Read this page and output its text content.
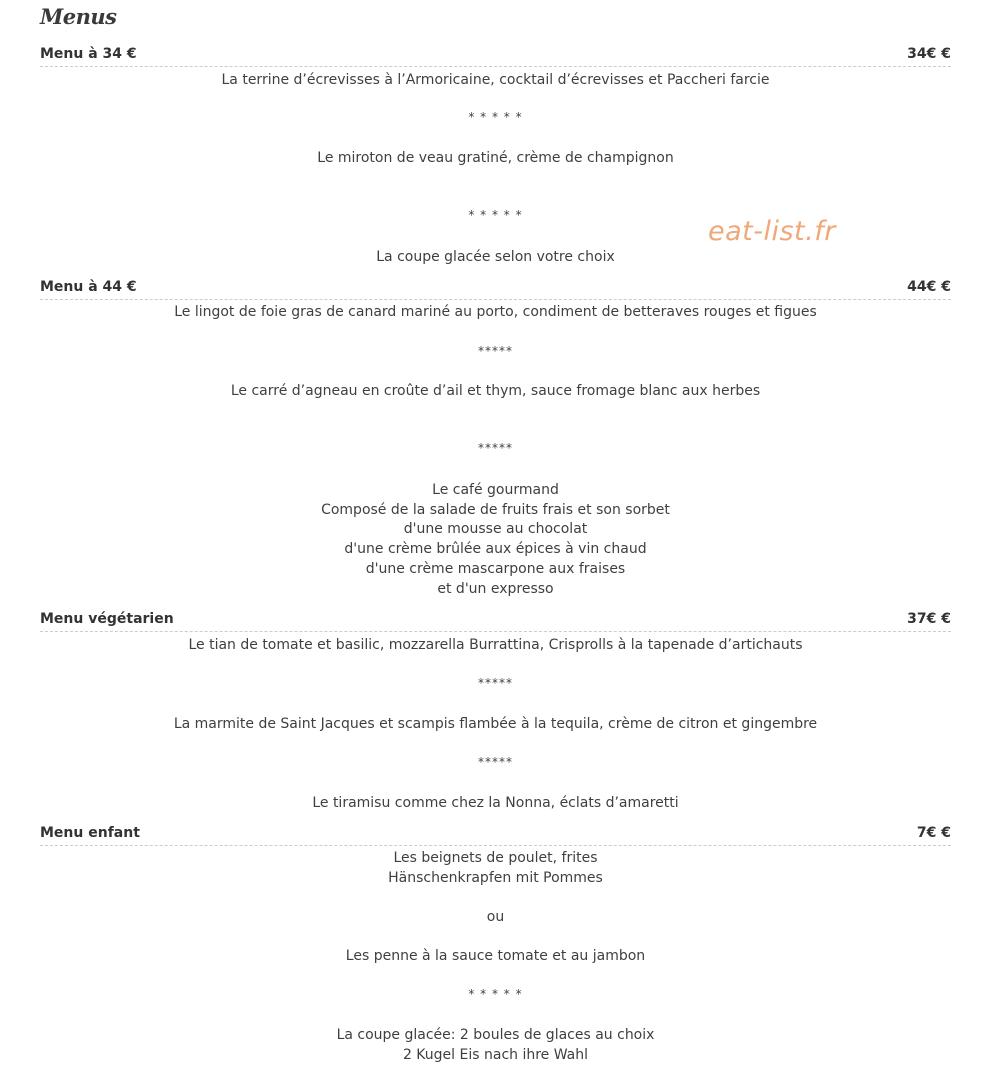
Menus
eat-list.fr
Menu à 34 €	34€ €
La terrine d’écrevisses à l’Armoricaine, cocktail d’écrevisses et Paccheri farcie
* * * * *
Le miroton de veau gratiné, crème de champignon
* * * * *
La coupe glacée selon votre choix
Menu à 44 €	44€ €
Le lingot de foie gras de canard mariné au porto, condiment de betteraves rouges et figues
*****
Le carré d’agneau en croûte d’ail et thym, sauce fromage blanc aux herbes
*****
Le café gourmand
Composé de la salade de fruits frais et son sorbet
d'une mousse au chocolat
d'une crème brûlée aux épices à vin chaud
d'une crème mascarpone aux fraises
et d'un expresso
Menu végétarien	37€ €
Le tian de tomate et basilic, mozzarella Burrattina, Crisprolls à la tapenade d’artichauts
*****
La marmite de Saint Jacques et scampis flambée à la tequila, crème de citron et gingembre
*****
Le tiramisu comme chez la Nonna, éclats d’amaretti
Menu enfant	7€ €
Les beignets de poulet, frites
Hänschenkrapfen mit Pommes
ou
Les penne à la sauce tomate et au jambon
* * * * *
La coupe glacée: 2 boules de glaces au choix
2 Kugel Eis nach ihre Wahl
